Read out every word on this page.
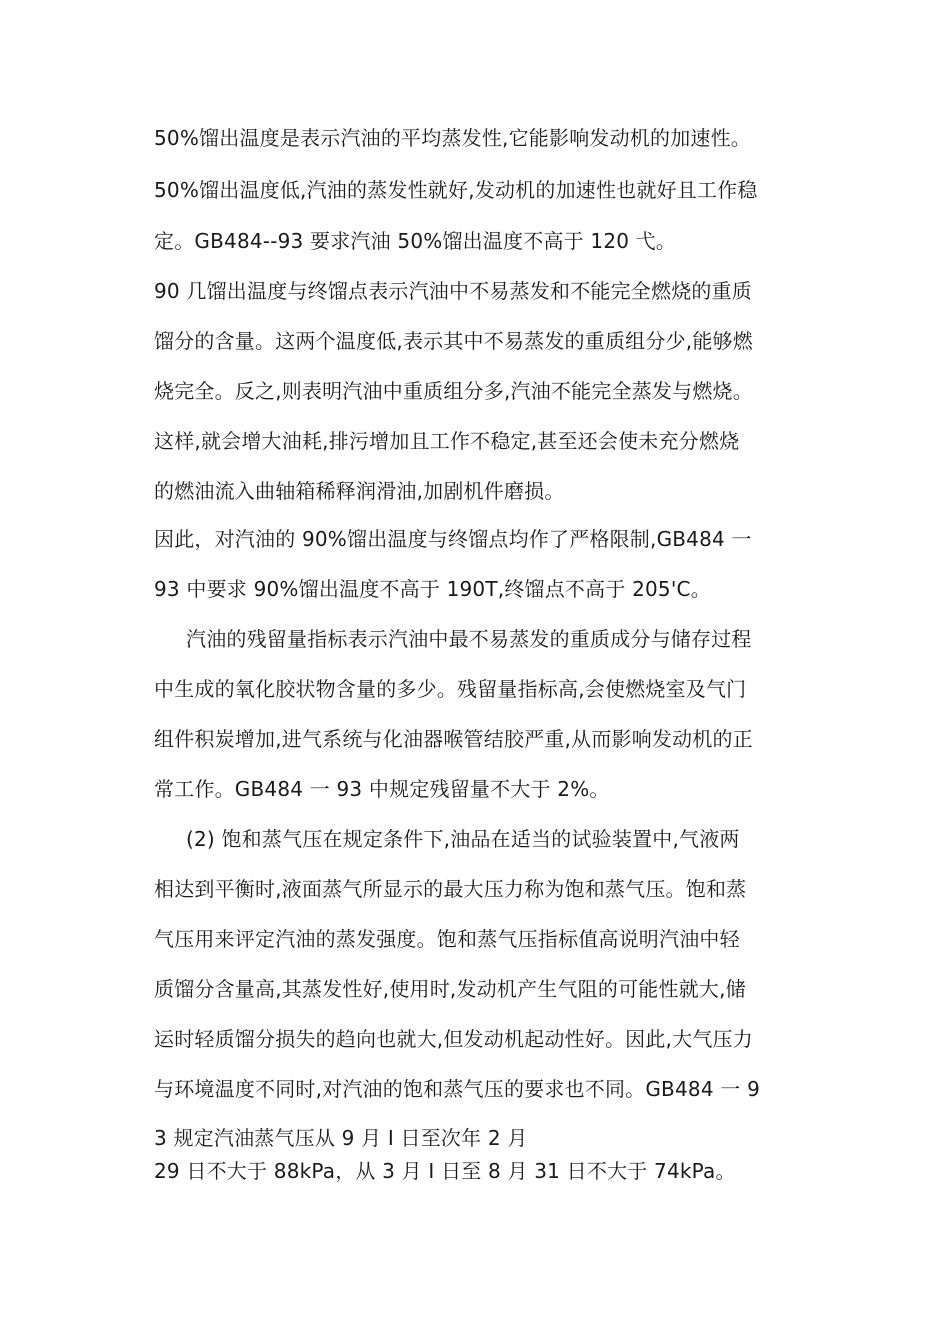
50%馏出温度是表示汽油的平均蒸发性,它能影响发动机的加速性。
50%馏出温度低,汽油的蒸发性就好,发动机的加速性也就好且工作稳
定。GB484--93 要求汽油 50%馏出温度不高于 120 弋。
90 几馏出温度与终馏点表示汽油中不易蒸发和不能完全燃烧的重质
馏分的含量。这两个温度低,表示其中不易蒸发的重质组分少,能够燃
烧完全。反之,则表明汽油中重质组分多,汽油不能完全蒸发与燃烧。
这样,就会增大油耗,排污增加且工作不稳定,甚至还会使未充分燃烧
的燃油流入曲轴箱稀释润滑油,加剧机件磨损。
因此，对汽油的 90%馏出温度与终馏点均作了严格限制,GB484 一
93 中要求 90%馏出温度不高于 190T,终馏点不高于 205'C。
汽油的残留量指标表示汽油中最不易蒸发的重质成分与储存过程
中生成的氧化胶状物含量的多少。残留量指标高,会使燃烧室及气门
组件积炭增加,进气系统与化油器喉管结胶严重,从而影响发动机的正
常工作。GB484 一 93 中规定残留量不大于 2%。
(2) 饱和蒸气压在规定条件下,油品在适当的试验装置中,气液两
相达到平衡时,液面蒸气所显示的最大压力称为饱和蒸气压。饱和蒸
气压用来评定汽油的蒸发强度。饱和蒸气压指标值高说明汽油中轻
质馏分含量高,其蒸发性好,使用时,发动机产生气阻的可能性就大,储
运时轻质馏分损失的趋向也就大,但发动机起动性好。因此,大气压力
与环境温度不同时,对汽油的饱和蒸气压的要求也不同。GB484 一 9
3 规定汽油蒸气压从 9 月 I 日至次年 2 月
29 日不大于 88kPa，从 3 月 I 日至 8 月 31 日不大于 74kPa。
